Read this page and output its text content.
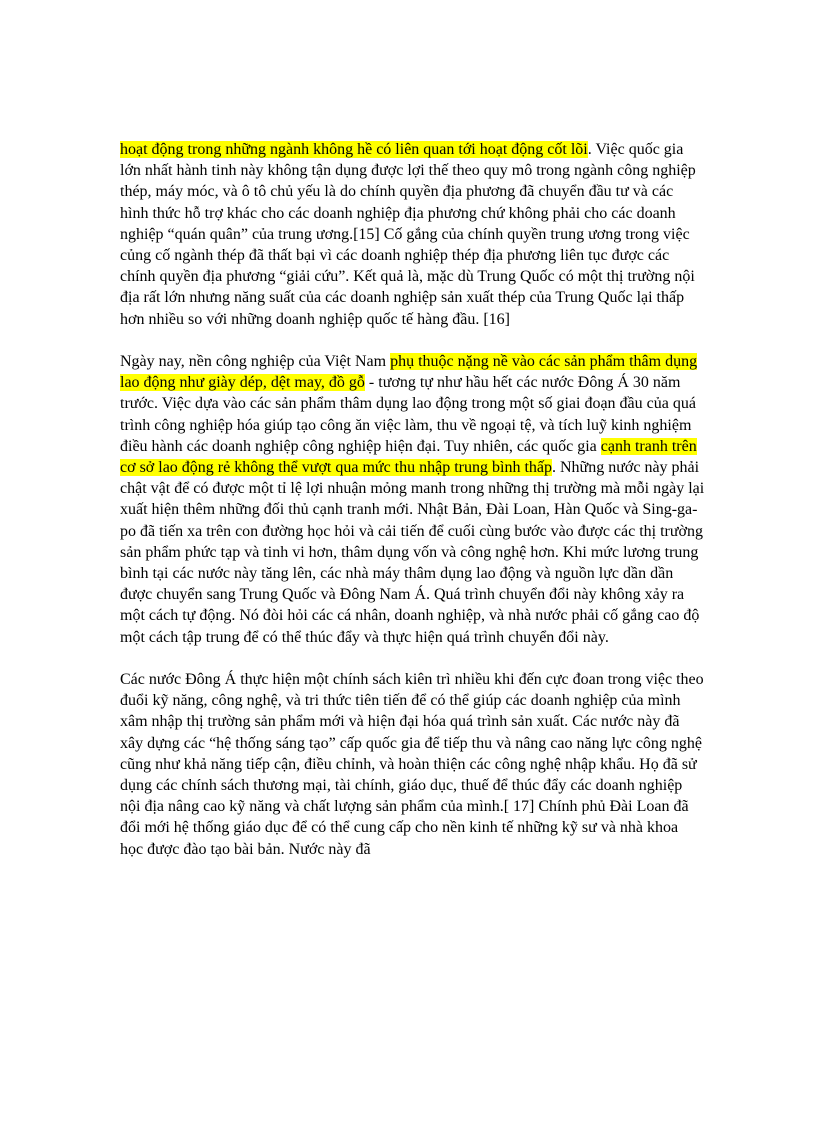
hoạt động trong những ngành không hề có liên quan tới hoạt động cốt lõi. Việc quốc gia lớn nhất hành tinh này không tận dụng được lợi thế theo quy mô trong ngành công nghiệp thép, máy móc, và ô tô chủ yếu là do chính quyền địa phương đã chuyển đầu tư và các hình thức hỗ trợ khác cho các doanh nghiệp địa phương chứ không phải cho các doanh nghiệp “quán quân” của trung ương.[15] Cố gắng của chính quyền trung ương trong việc củng cố ngành thép đã thất bại vì các doanh nghiệp thép địa phương liên tục được các chính quyền địa phương “giải cứu”. Kết quả là, mặc dù Trung Quốc có một thị trường nội địa rất lớn nhưng năng suất của các doanh nghiệp sản xuất thép của Trung Quốc lại thấp hơn nhiều so với những doanh nghiệp quốc tế hàng đầu. [16]

Ngày nay, nền công nghiệp của Việt Nam phụ thuộc nặng nề vào các sản phẩm thâm dụng lao động như giày dép, dệt may, đồ gỗ - tương tự như hầu hết các nước Đông Á 30 năm trước. Việc dựa vào các sản phẩm thâm dụng lao động trong một số giai đoạn đầu của quá trình công nghiệp hóa giúp tạo công ăn việc làm, thu về ngoại tệ, và tích luỹ kinh nghiệm điều hành các doanh nghiệp công nghiệp hiện đại. Tuy nhiên, các quốc gia cạnh tranh trên cơ sở lao động rẻ không thể vượt qua mức thu nhập trung bình thấp. Những nước này phải chật vật để có được một tỉ lệ lợi nhuận mỏng manh trong những thị trường mà mỗi ngày lại xuất hiện thêm những đối thủ cạnh tranh mới. Nhật Bản, Đài Loan, Hàn Quốc và Sing-ga-po đã tiến xa trên con đường học hỏi và cải tiến để cuối cùng bước vào được các thị trường sản phẩm phức tạp và tinh vi hơn, thâm dụng vốn và công nghệ hơn. Khi mức lương trung bình tại các nước này tăng lên, các nhà máy thâm dụng lao động và nguồn lực dần dần được chuyển sang Trung Quốc và Đông Nam Á. Quá trình chuyển đổi này không xảy ra một cách tự động. Nó đòi hỏi các cá nhân, doanh nghiệp, và nhà nước phải cố gắng cao độ một cách tập trung để có thể thúc đẩy và thực hiện quá trình chuyển đổi này.

Các nước Đông Á thực hiện một chính sách kiên trì nhiều khi đến cực đoan trong việc theo đuổi kỹ năng, công nghệ, và tri thức tiên tiến để có thể giúp các doanh nghiệp của mình xâm nhập thị trường sản phẩm mới và hiện đại hóa quá trình sản xuất. Các nước này đã xây dựng các “hệ thống sáng tạo” cấp quốc gia để tiếp thu và nâng cao năng lực công nghệ cũng như khả năng tiếp cận, điều chỉnh, và hoàn thiện các công nghệ nhập khẩu. Họ đã sử dụng các chính sách thương mại, tài chính, giáo dục, thuế để thúc đẩy các doanh nghiệp nội địa nâng cao kỹ năng và chất lượng sản phẩm của mình.[ 17] Chính phủ Đài Loan đã đổi mới hệ thống giáo dục để có thể cung cấp cho nền kinh tế những kỹ sư và nhà khoa học được đào tạo bài bản. Nước này đã
